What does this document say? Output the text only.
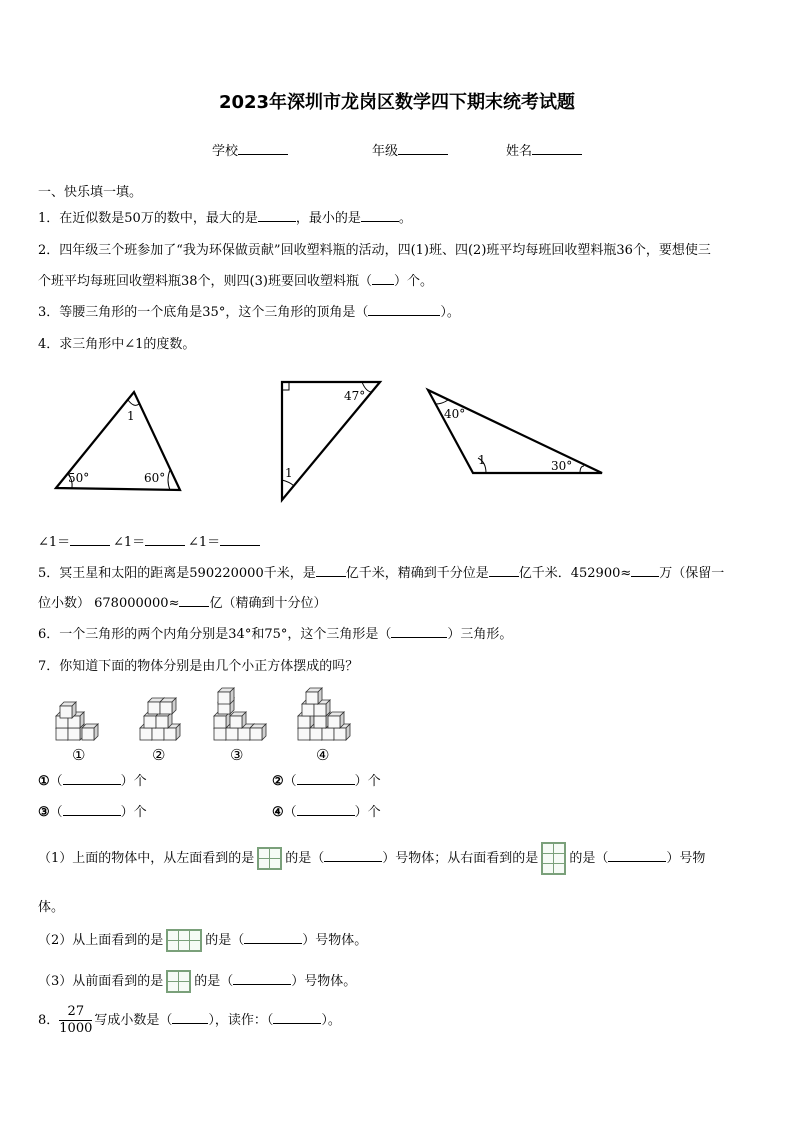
2023年深圳市龙岗区数学四下期末统考试题
学校	年级	姓名
一、快乐填一填。
1．在近似数是50万的数中，最大的是	，最小的是	。
2．四年级三个班参加了“我为环保做贡献”回收塑料瓶的活动，四(1)班、四(2)班平均每班回收塑料瓶36个，要想使三
个班平均每班回收塑料瓶38个，则四(3)班要回收塑料瓶（ ）个。
3．等腰三角形的一个底角是35°，这个三角形的顶角是（	）。
4．求三角形中∠1的度数。
1
50°	60°
47°
1
40°
1	30°
∠1＝	∠1＝	∠1＝
5．冥王星和太阳的距离是590220000千米，是 亿千米，精确到千分位是 亿千米．452900≈ 万（保留一
位小数） 678000000≈ 亿（精确到十分位）
6．一个三角形的两个内角分别是34°和75°，这个三角形是（	）三角形。
7．你知道下面的物体分别是由几个小正方体摆成的吗？
①	②	③	④
①（	）个	②（	）个
③（	）个	④（	）个
（1）上面的物体中，从左面看到的是	
	的是（	）号物体；从右面看到的是	

	的是（	）号物
体。
（2）从上面看到的是		
			的是（	）号物体。
（3）从前面看到的是	
	的是（	）号物体。
8． $\frac{27}{1000}$ 写成小数是（	），读作：（	）。
